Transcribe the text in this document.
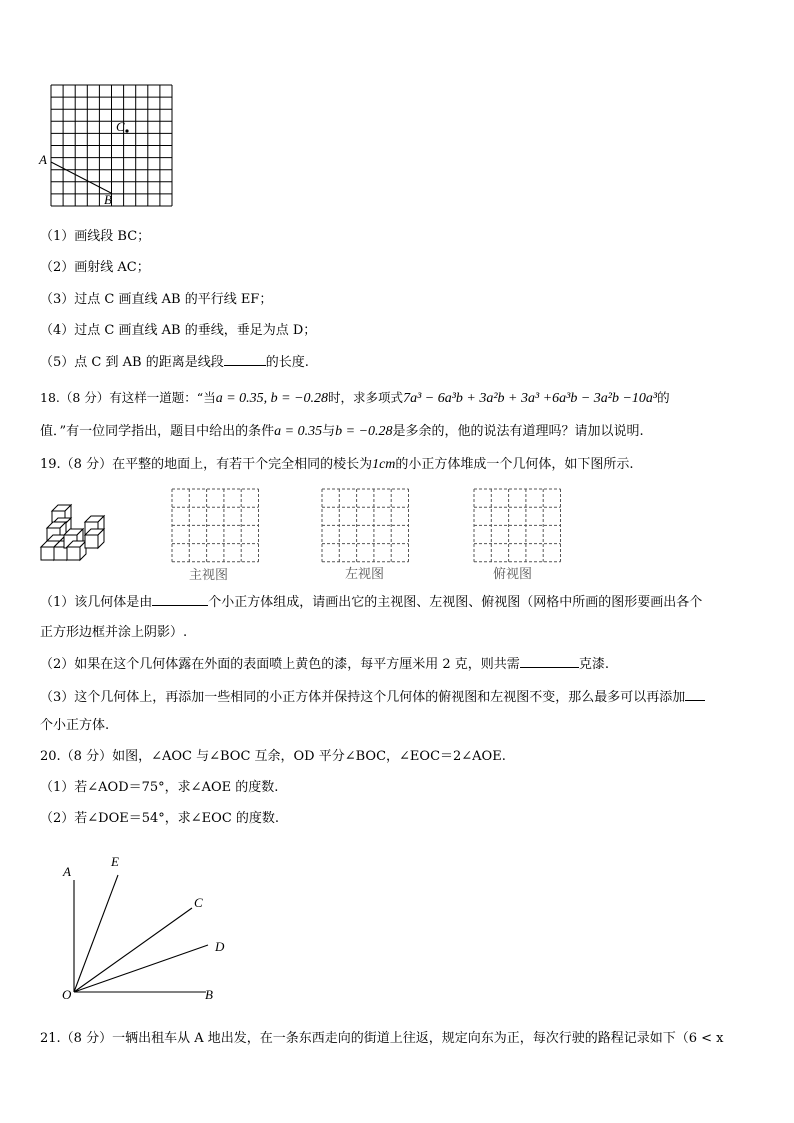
A
B
C
（1）画线段 BC；
（2）画射线 AC；
（3）过点 C 画直线 AB 的平行线 EF；
（4）过点 C 画直线 AB 的垂线，垂足为点 D；
（5）点 C 到 AB 的距离是线段	的长度.
18.（8 分）有这样一道题：“当a = 0.35, b = −0.28时，求多项式7a³ − 6a³b + 3a²b + 3a³ +6a³b − 3a²b −10a³的
值．”有一位同学指出，题目中给出的条件a = 0.35与b = −0.28是多余的，他的说法有道理吗？请加以说明.
19.（8 分）在平整的地面上，有若干个完全相同的棱长为1cm的小正方体堆成一个几何体，如下图所示.
主视图	左视图	俯视图
（1）该几何体是由	个小正方体组成，请画出它的主视图、左视图、俯视图（网格中所画的图形要画出各个
正方形边框并涂上阴影）.
（2）如果在这个几何体露在外面的表面喷上黄色的漆，每平方厘米用 2 克，则共需	克漆.
（3）这个几何体上，再添加一些相同的小正方体并保持这个几何体的俯视图和左视图不变，那么最多可以再添加
个小正方体.
20.（8 分）如图，∠AOC 与∠BOC 互余，OD 平分∠BOC，∠EOC＝2∠AOE.
（1）若∠AOD＝75°，求∠AOE 的度数.
（2）若∠DOE＝54°，求∠EOC 的度数.
A
E
C
D
O	B
21.（8 分）一辆出租车从 A 地出发，在一条东西走向的街道上往返，规定向东为正，每次行驶的路程记录如下（6 < x
